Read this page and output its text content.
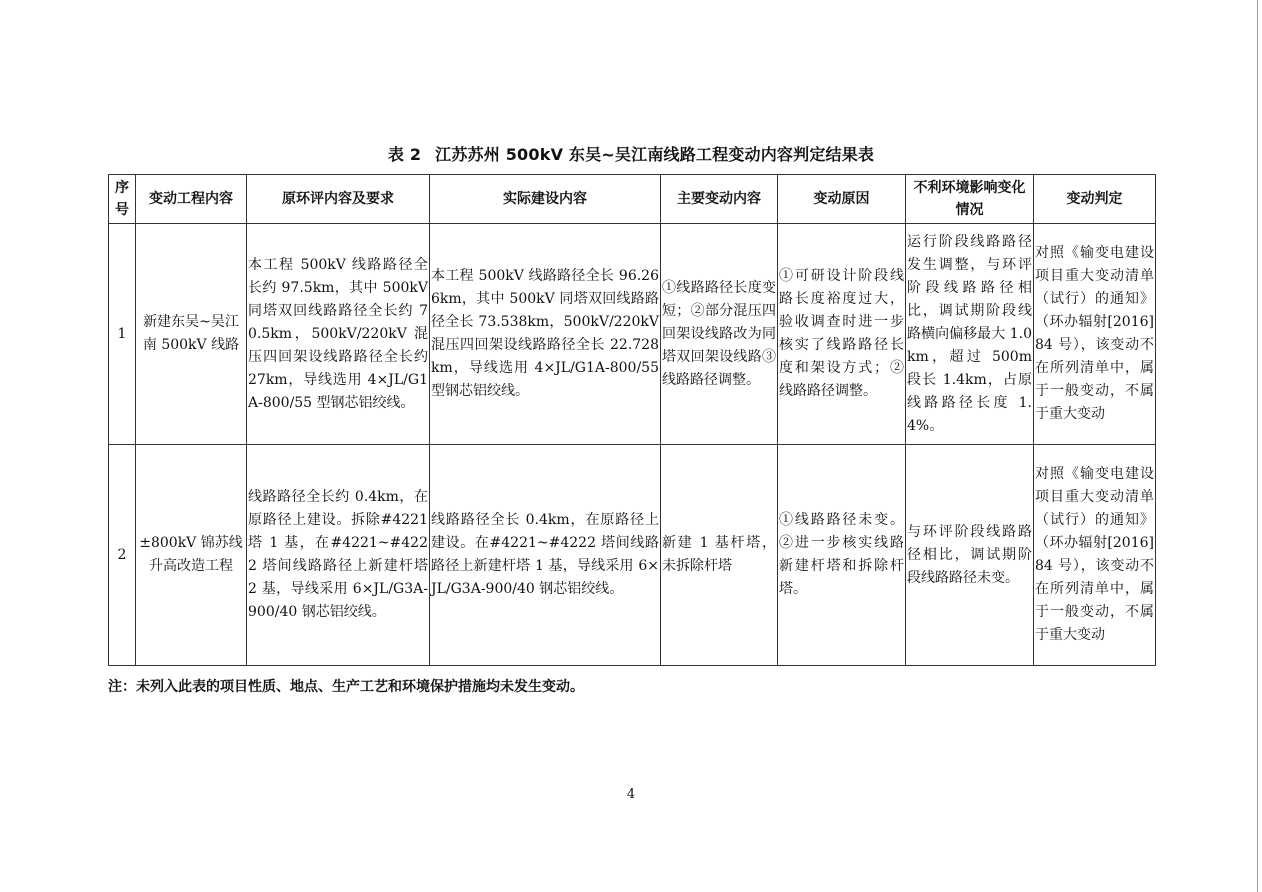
表 2 江苏苏州 500kV 东吴~吴江南线路工程变动内容判定结果表
序号	变动工程内容	原环评内容及要求	实际建设内容	主要变动内容	变动原因	不利环境影响变化情况	变动判定
1	新建东吴~吴江南 500kV 线路	本工程 500kV 线路路径全长约 97.5km，其中 500kV 同塔双回线路路径全长约 70.5km，500kV/220kV 混压四回架设线路路径全长约 27km，导线选用 4×JL/G1A-800/55 型钢芯铝绞线。	本工程 500kV 线路路径全长 96.266km，其中 500kV 同塔双回线路路径全长 73.538km，500kV/220kV 混压四回架设线路路径全长 22.728km，导线选用 4×JL/G1A-800/55 型钢芯铝绞线。	①线路路径长度变短；②部分混压四回架设线路改为同塔双回架设线路③线路路径调整。	①可研设计阶段线路长度裕度过大，验收调查时进一步核实了线路路径长度和架设方式；②线路路径调整。	运行阶段线路路径发生调整，与环评阶段线路路径相比，调试期阶段线路横向偏移最大 1.0km，超过 500m 段长 1.4km，占原线路路径长度 1.4%。	对照《输变电建设项目重大变动清单（试行）的通知》（环办辐射[2016]84 号），该变动不在所列清单中，属于一般变动，不属于重大变动
2	±800kV 锦苏线升高改造工程	线路路径全长约 0.4km，在原路径上建设。拆除#4221 塔 1 基，在#4221~#4222 塔间线路路径上新建杆塔 2 基，导线采用 6×JL/G3A-900/40 钢芯铝绞线。	线路路径全长 0.4km，在原路径上建设。在#4221~#4222 塔间线路路径上新建杆塔 1 基，导线采用 6×JL/G3A-900/40 钢芯铝绞线。	新建 1 基杆塔，未拆除杆塔	①线路路径未变。②进一步核实线路新建杆塔和拆除杆塔。	与环评阶段线路路径相比，调试期阶段线路路径未变。	对照《输变电建设项目重大变动清单（试行）的通知》（环办辐射[2016]84 号），该变动不在所列清单中，属于一般变动，不属于重大变动
注：未列入此表的项目性质、地点、生产工艺和环境保护措施均未发生变动。
4
